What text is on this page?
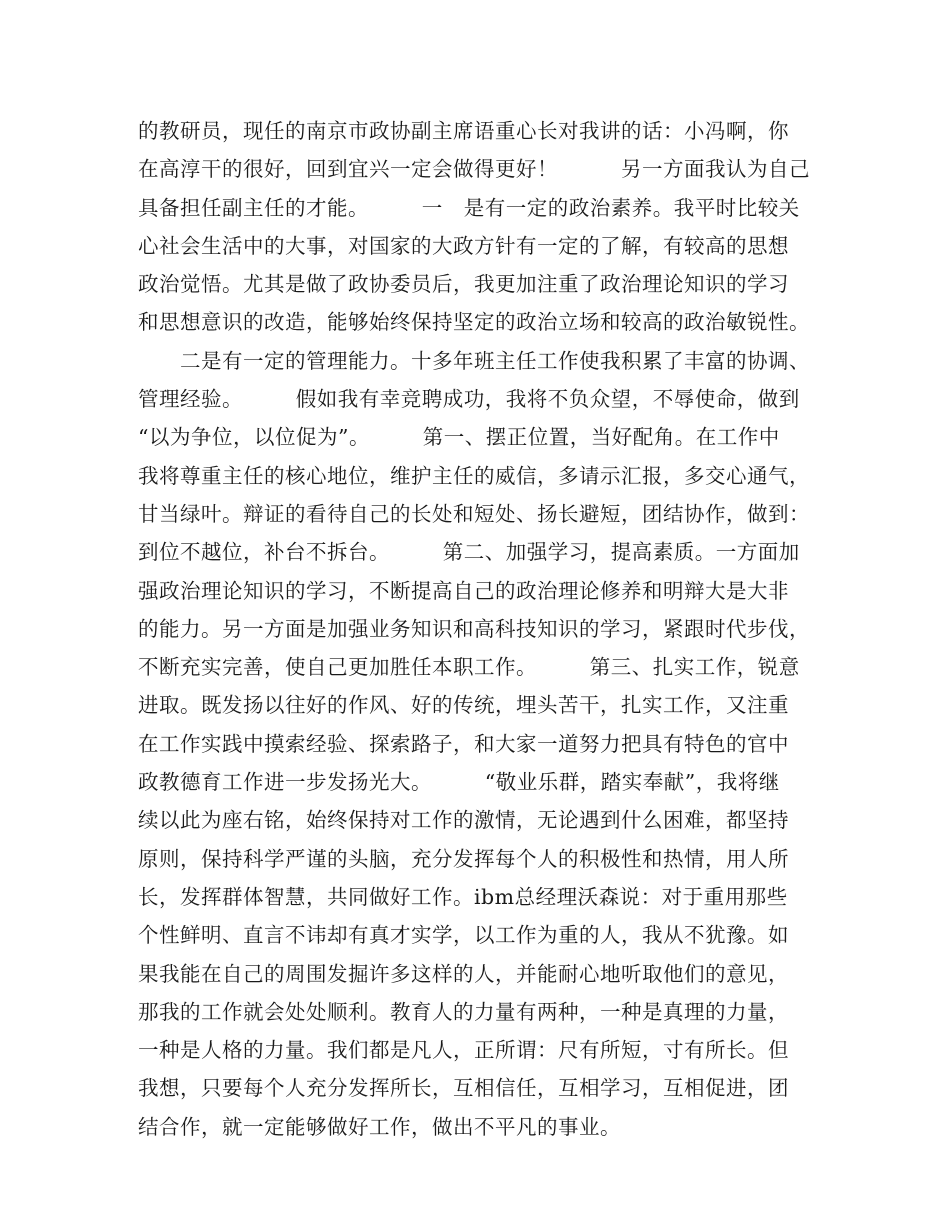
的教研员，现任的南京市政协副主席语重心长对我讲的话：小冯啊，你
在高淳干的很好，回到宜兴一定会做得更好！　　　另一方面我认为自己
具备担任副主任的才能。　　　一　是有一定的政治素养。我平时比较关
心社会生活中的大事，对国家的大政方针有一定的了解，有较高的思想
政治觉悟。尤其是做了政协委员后，我更加注重了政治理论知识的学习
和思想意识的改造，能够始终保持坚定的政治立场和较高的政治敏锐性。
　　二是有一定的管理能力。十多年班主任工作使我积累了丰富的协调、
管理经验。　　　假如我有幸竞聘成功，我将不负众望，不辱使命，做到
“以为争位，以位促为”。　　　第一、摆正位置，当好配角。在工作中
我将尊重主任的核心地位，维护主任的威信，多请示汇报，多交心通气，
甘当绿叶。辩证的看待自己的长处和短处、扬长避短，团结协作，做到：
到位不越位，补台不拆台。　　　第二、加强学习，提高素质。一方面加
强政治理论知识的学习，不断提高自己的政治理论修养和明辩大是大非
的能力。另一方面是加强业务知识和高科技知识的学习，紧跟时代步伐，
不断充实完善，使自己更加胜任本职工作。　　　第三、扎实工作，锐意
进取。既发扬以往好的作风、好的传统，埋头苦干，扎实工作，又注重
在工作实践中摸索经验、探索路子，和大家一道努力把具有特色的官中
政教德育工作进一步发扬光大。　　　“敬业乐群，踏实奉献”，我将继
续以此为座右铭，始终保持对工作的激情，无论遇到什么困难，都坚持
原则，保持科学严谨的头脑，充分发挥每个人的积极性和热情，用人所
长，发挥群体智慧，共同做好工作。ibm总经理沃森说：对于重用那些
个性鲜明、直言不讳却有真才实学，以工作为重的人，我从不犹豫。如
果我能在自己的周围发掘许多这样的人，并能耐心地听取他们的意见，
那我的工作就会处处顺利。教育人的力量有两种，一种是真理的力量，
一种是人格的力量。我们都是凡人，正所谓：尺有所短，寸有所长。但
我想，只要每个人充分发挥所长，互相信任，互相学习，互相促进，团
结合作，就一定能够做好工作，做出不平凡的事业。
